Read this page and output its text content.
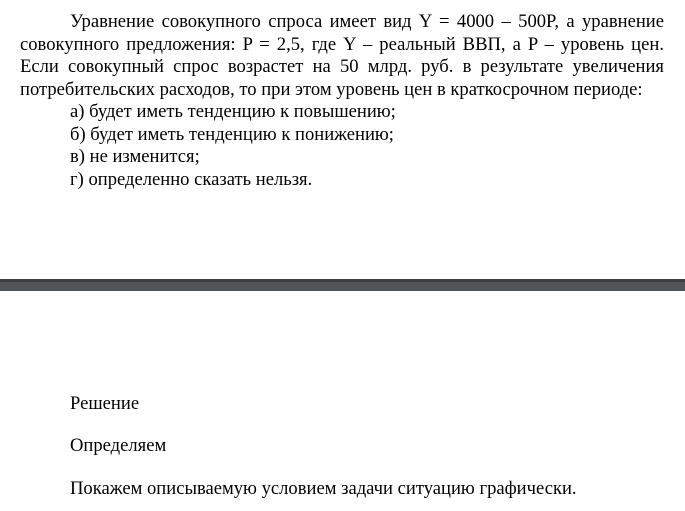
Уравнение совокупного спроса имеет вид Y = 4000 – 500P, а уравнение совокупного предложения: P = 2,5, где Y – реальный ВВП, а P – уровень цен. Если совокупный спрос возрастет на 50 млрд. руб. в результате увеличения потребительских расходов, то при этом уровень цен в краткосрочном периоде:

а) будет иметь тенденцию к повышению;
б) будет иметь тенденцию к понижению;
в) не изменится;
г) определенно сказать нельзя.

Решение

Определяем

Покажем описываемую условием задачи ситуацию графически.
